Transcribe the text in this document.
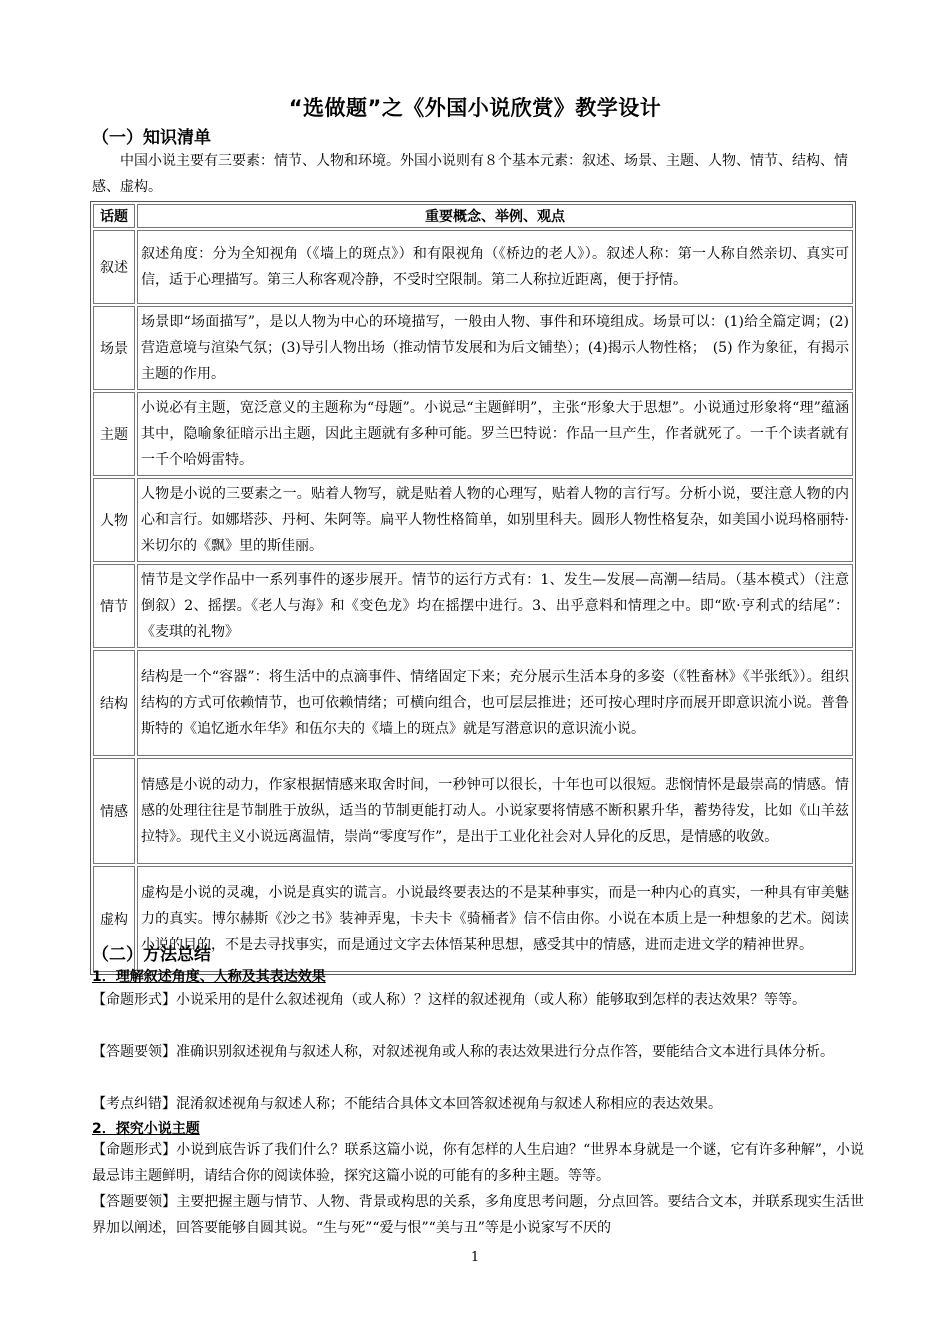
“选做题”之《外国小说欣赏》教学设计
（一）知识清单
中国小说主要有三要素：情节、人物和环境。外国小说则有８个基本元素：叙述、场景、主题、人物、情节、结构、情感、虚构。
话题	重要概念、举例、观点
叙述	叙述角度：分为全知视角（《墙上的斑点》）和有限视角（《桥边的老人》）。叙述人称：第一人称自然亲切、真实可信，适于心理描写。第三人称客观冷静，不受时空限制。第二人称拉近距离，便于抒情。
场景	场景即“场面描写”，是以人物为中心的环境描写，一般由人物、事件和环境组成。场景可以：(1)给全篇定调；(2)营造意境与渲染气氛；(3)导引人物出场（推动情节发展和为后文铺垫）；(4)揭示人物性格；　(5) 作为象征，有揭示主题的作用。
主题	小说必有主题，宽泛意义的主题称为“母题”。小说忌“主题鲜明”，主张“形象大于思想”。小说通过形象将“理”蕴涵其中，隐喻象征暗示出主题，因此主题就有多种可能。罗兰巴特说：作品一旦产生，作者就死了。一千个读者就有一千个哈姆雷特。
人物	人物是小说的三要素之一。贴着人物写，就是贴着人物的心理写，贴着人物的言行写。分析小说，要注意人物的内心和言行。如娜塔莎、丹柯、朱阿等。扁平人物性格简单，如别里科夫。圆形人物性格复杂，如美国小说玛格丽特·米切尔的《飘》里的斯佳丽。
情节	情节是文学作品中一系列事件的逐步展开。情节的运行方式有：1、发生—发展—高潮—结局。（基本模式）（注意倒叙）2、摇摆。《老人与海》和《变色龙》均在摇摆中进行。3、出乎意料和情理之中。即“欧·亨利式的结尾”：《麦琪的礼物》
结构	结构是一个“容器”：将生活中的点滴事件、情绪固定下来；充分展示生活本身的多姿（《牲畜林》《半张纸》）。组织结构的方式可依赖情节，也可依赖情绪；可横向组合，也可层层推进；还可按心理时序而展开即意识流小说。普鲁斯特的《追忆逝水年华》和伍尔夫的《墙上的斑点》就是写潜意识的意识流小说。
情感	情感是小说的动力，作家根据情感来取舍时间，一秒钟可以很长，十年也可以很短。悲悯情怀是最崇高的情感。情感的处理往往是节制胜于放纵，适当的节制更能打动人。小说家要将情感不断积累升华，蓄势待发，比如《山羊兹拉特》。现代主义小说远离温情，崇尚“零度写作”，是出于工业化社会对人异化的反思，是情感的收敛。
虚构	虚构是小说的灵魂，小说是真实的谎言。小说最终要表达的不是某种事实，而是一种内心的真实，一种具有审美魅力的真实。博尔赫斯《沙之书》装神弄鬼，卡夫卡《骑桶者》信不信由你。小说在本质上是一种想象的艺术。阅读小说的目的，不是去寻找事实，而是通过文字去体悟某种思想，感受其中的情感，进而走进文学的精神世界。
（二）方法总结
1．理解叙述角度、人称及其表达效果
【命题形式】小说采用的是什么叙述视角（或人称）？这样的叙述视角（或人称）能够取到怎样的表达效果？等等。
【答题要领】准确识别叙述视角与叙述人称，对叙述视角或人称的表达效果进行分点作答，要能结合文本进行具体分析。
【考点纠错】混淆叙述视角与叙述人称；不能结合具体文本回答叙述视角与叙述人称相应的表达效果。
2．探究小说主题
【命题形式】小说到底告诉了我们什么？联系这篇小说，你有怎样的人生启迪？“世界本身就是一个谜，它有许多种解”，小说最忌讳主题鲜明，请结合你的阅读体验，探究这篇小说的可能有的多种主题。等等。
【答题要领】主要把握主题与情节、人物、背景或构思的关系，多角度思考问题，分点回答。要结合文本，并联系现实生活世界加以阐述，回答要能够自圆其说。“生与死”“爱与恨”“美与丑”等是小说家写不厌的
1
